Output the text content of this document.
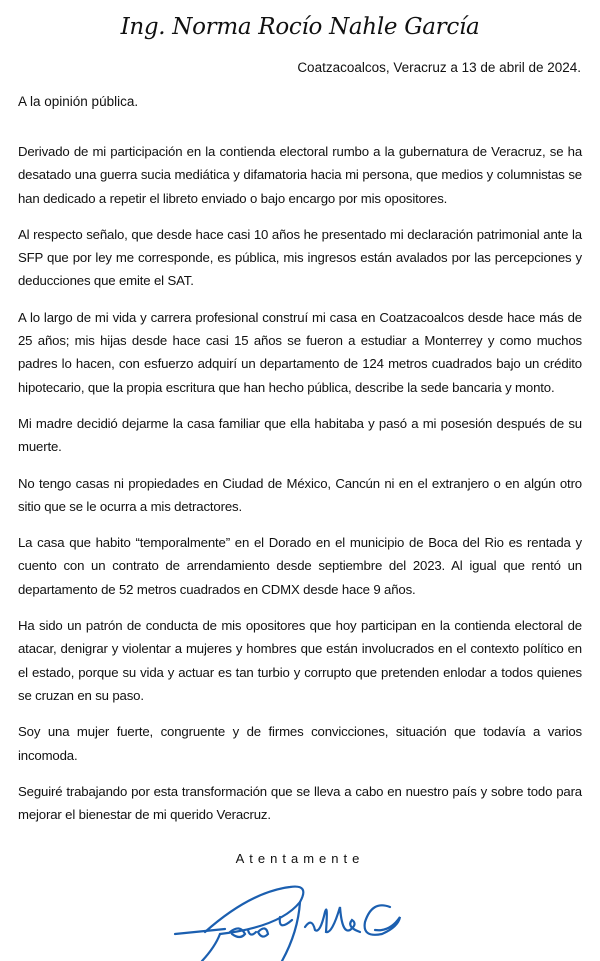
Ing. Norma Rocío Nahle García
Coatzacoalcos, Veracruz a 13 de abril de 2024.
A la opinión pública.

Derivado de mi participación en la contienda electoral rumbo a la gubernatura de Veracruz, se ha desatado una guerra sucia mediática y difamatoria hacia mi persona, que medios y columnistas se han dedicado a repetir el libreto enviado o bajo encargo por mis opositores.

Al respecto señalo, que desde hace casi 10 años he presentado mi declaración patrimonial ante la SFP que por ley me corresponde, es pública, mis ingresos están avalados por las percepciones y deducciones que emite el SAT.

A lo largo de mi vida y carrera profesional construí mi casa en Coatzacoalcos desde hace más de 25 años; mis hijas desde hace casi 15 años se fueron a estudiar a Monterrey y como muchos padres lo hacen, con esfuerzo adquirí un departamento de 124 metros cuadrados bajo un crédito hipotecario, que la propia escritura que han hecho pública, describe la sede bancaria y monto.

Mi madre decidió dejarme la casa familiar que ella habitaba y pasó a mi posesión después de su muerte.

No tengo casas ni propiedades en Ciudad de México, Cancún ni en el extranjero o en algún otro sitio que se le ocurra a mis detractores.

La casa que habito “temporalmente” en el Dorado en el municipio de Boca del Rio es rentada y cuento con un contrato de arrendamiento desde septiembre del 2023. Al igual que rentó un departamento de 52 metros cuadrados en CDMX desde hace 9 años.

Ha sido un patrón de conducta de mis opositores que hoy participan en la contienda electoral de atacar, denigrar y violentar a mujeres y hombres que están involucrados en el contexto político en el estado, porque su vida y actuar es tan turbio y corrupto que pretenden enlodar a todos quienes se cruzan en su paso.

Soy una mujer fuerte, congruente y de firmes convicciones, situación que todavía a varios incomoda.

Seguiré trabajando por esta transformación que se lleva a cabo en nuestro país y sobre todo para mejorar el bienestar de mi querido Veracruz.

Atentamente
